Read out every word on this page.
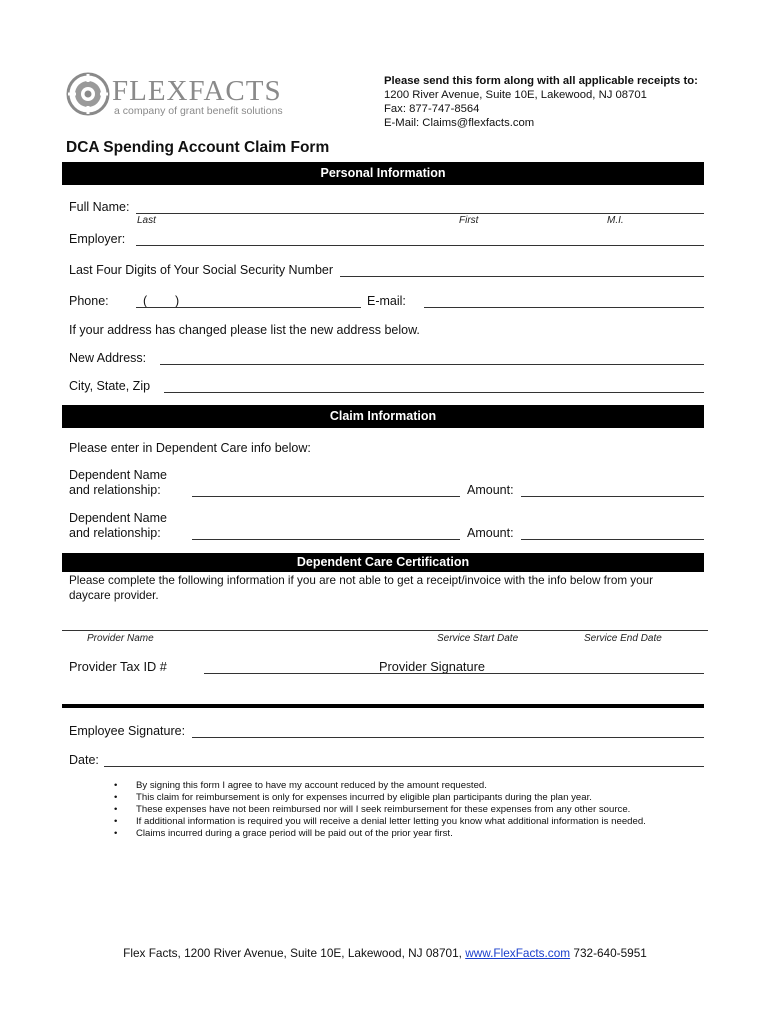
FLEXFACTS
a company of grant benefit solutions
Please send this form along with all applicable receipts to:
1200 River Avenue, Suite 10E, Lakewood, NJ 08701
Fax: 877-747-8564
E-Mail: Claims@flexfacts.com
DCA Spending Account Claim Form
Personal Information
Full Name:
Last	First	M.I.
Employer:
Last Four Digits of Your Social Security Number
Phone:	(        )	E-mail:
If your address has changed please list the new address below.
New Address:
City, State, Zip
Claim Information
Please enter in Dependent Care info below:
Dependent Name
and relationship:	Amount:
Dependent Name
and relationship:	Amount:
Dependent Care Certification
Please complete the following information if you are not able to get a receipt/invoice with the info below from your
daycare provider.
Provider Name	Service Start Date	Service End Date
Provider Tax ID #	Provider Signature
Employee Signature:
Date:
• By signing this form I agree to have my account reduced by the amount requested.
• This claim for reimbursement is only for expenses incurred by eligible plan participants during the plan year.
• These expenses have not been reimbursed nor will I seek reimbursement for these expenses from any other source.
• If additional information is required you will receive a denial letter letting you know what additional information is needed.
• Claims incurred during a grace period will be paid out of the prior year first.
Flex Facts, 1200 River Avenue, Suite 10E, Lakewood, NJ 08701, www.FlexFacts.com 732-640-5951
